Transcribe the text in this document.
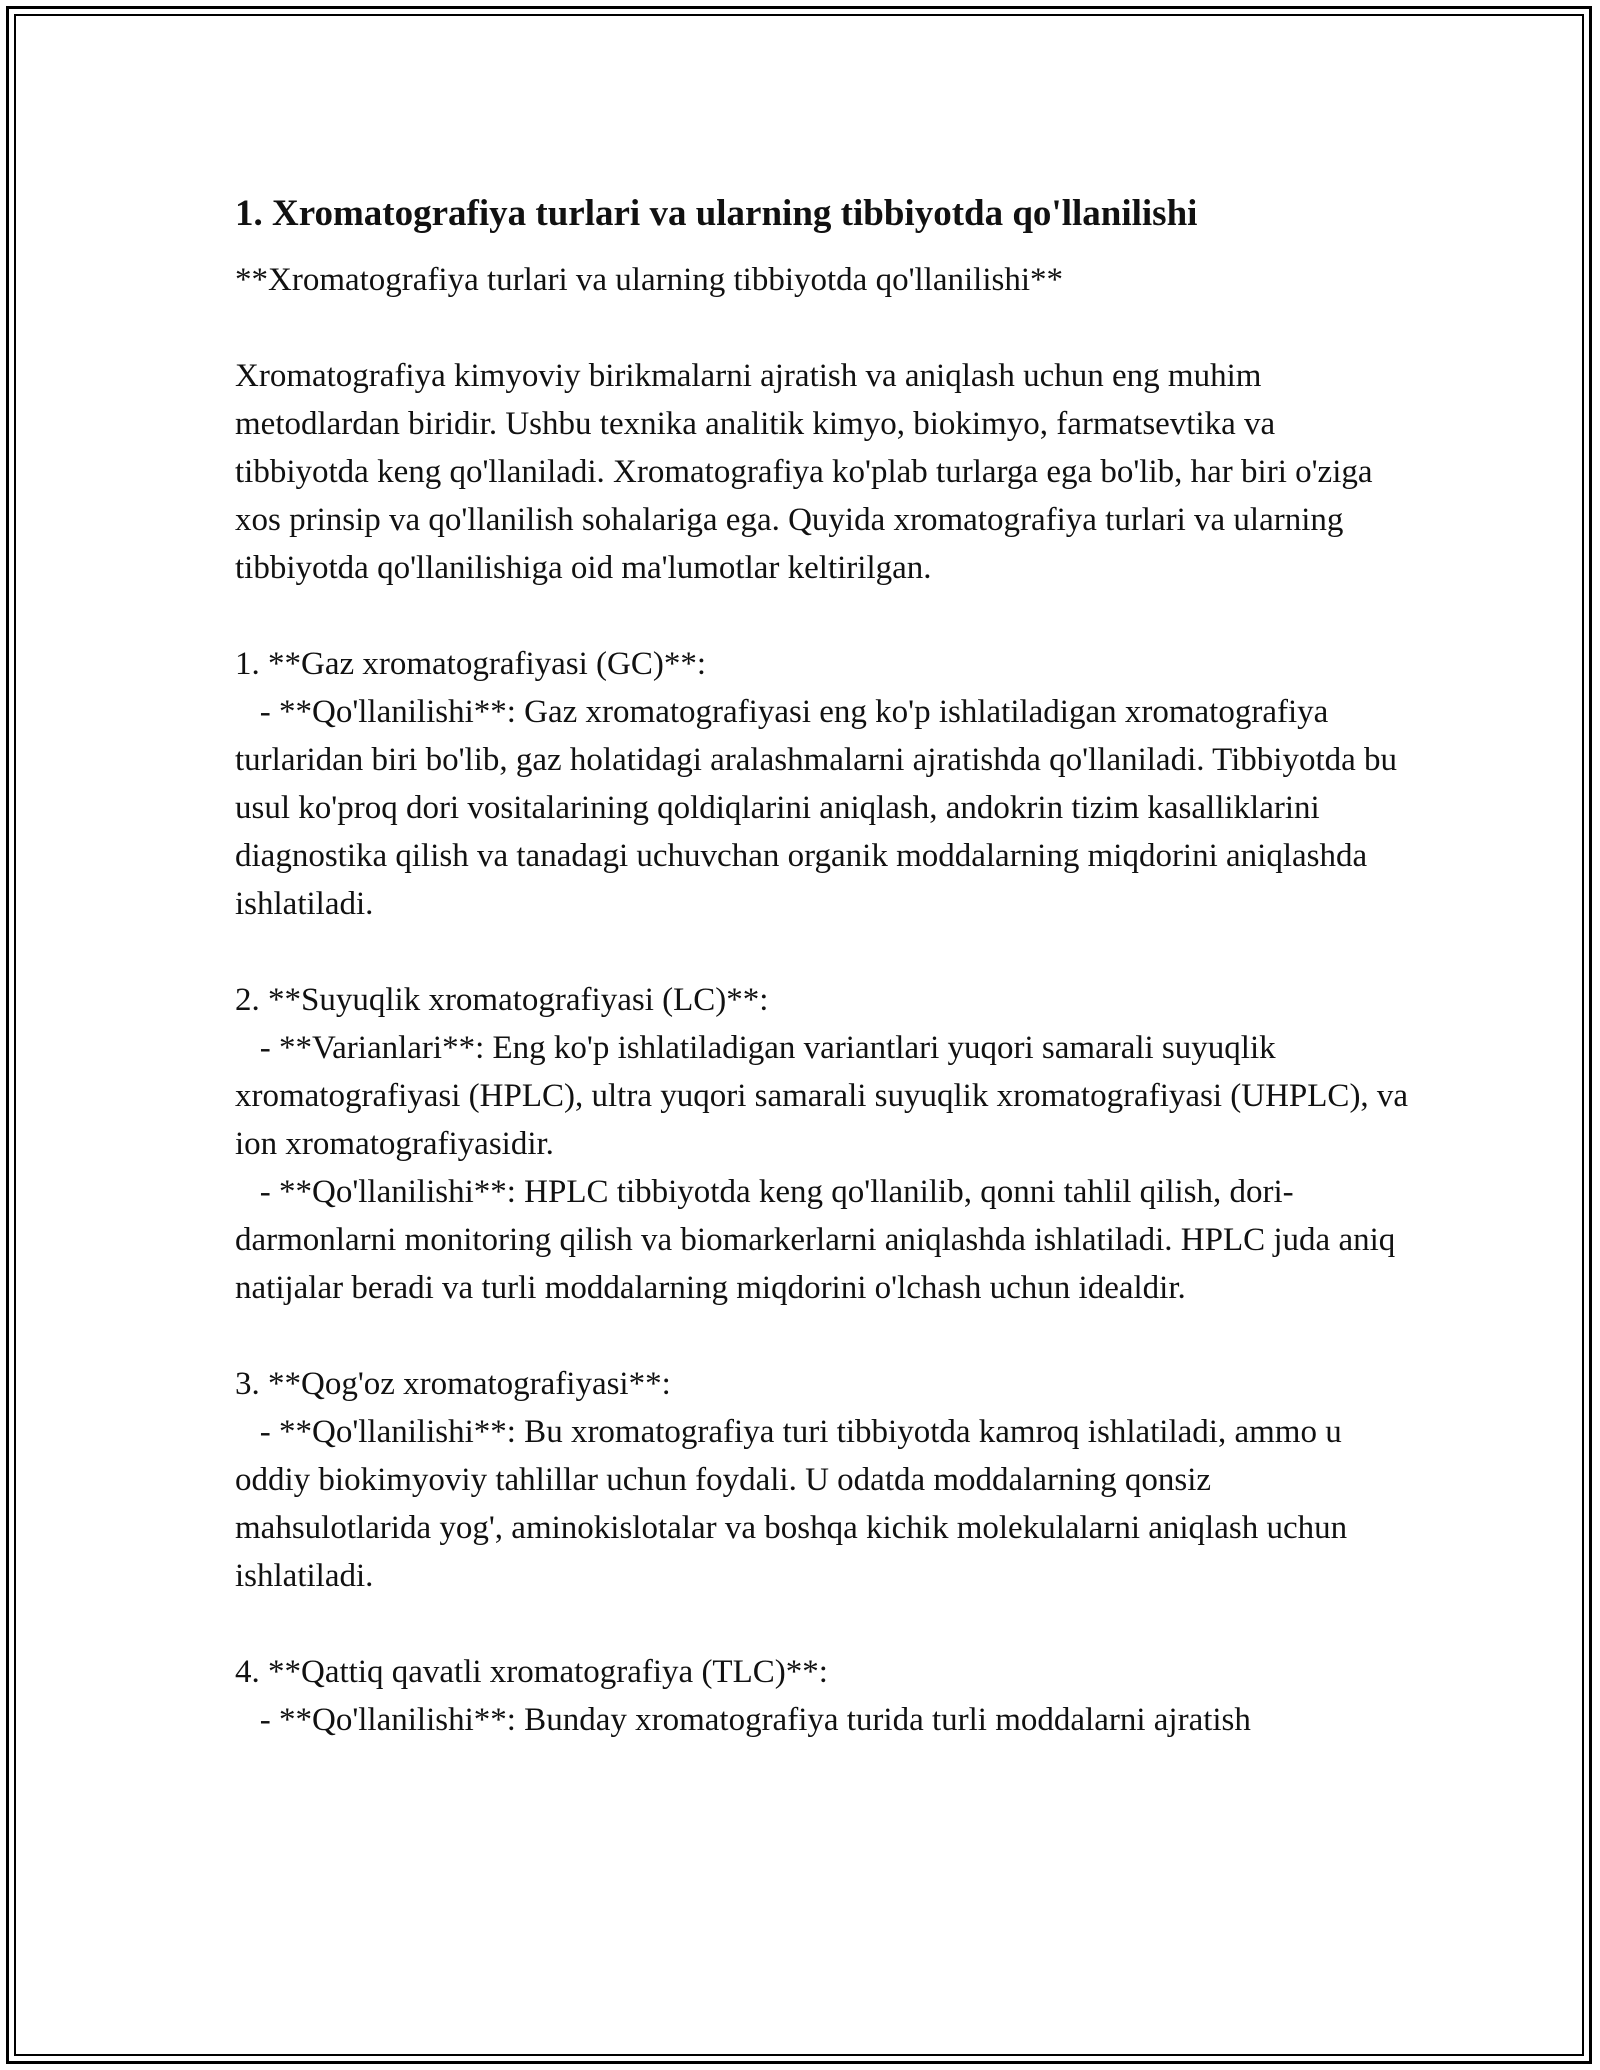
1. Xromatografiya turlari va ularning tibbiyotda qo'llanilishi

**Xromatografiya turlari va ularning tibbiyotda qo'llanilishi**

Xromatografiya kimyoviy birikmalarni ajratish va aniqlash uchun eng muhim metodlardan biridir. Ushbu texnika analitik kimyo, biokimyo, farmatsevtika va tibbiyotda keng qo'llaniladi. Xromatografiya ko'plab turlarga ega bo'lib, har biri o'ziga xos prinsip va qo'llanilish sohalariga ega. Quyida xromatografiya turlari va ularning tibbiyotda qo'llanilishiga oid ma'lumotlar keltirilgan.

1. **Gaz xromatografiyasi (GC)**:
- **Qo'llanilishi**: Gaz xromatografiyasi eng ko'p ishlatiladigan xromatografiya turlaridan biri bo'lib, gaz holatidagi aralashmalarni ajratishda qo'llaniladi. Tibbiyotda bu usul ko'proq dori vositalarining qoldiqlarini aniqlash, andokrin tizim kasalliklarini diagnostika qilish va tanadagi uchuvchan organik moddalarning miqdorini aniqlashda ishlatiladi.
2. **Suyuqlik xromatografiyasi (LC)**:
- **Varianlari**: Eng ko'p ishlatiladigan variantlari yuqori samarali suyuqlik xromatografiyasi (HPLC), ultra yuqori samarali suyuqlik xromatografiyasi (UHPLC), va ion xromatografiyasidir.
- **Qo'llanilishi**: HPLC tibbiyotda keng qo'llanilib, qonni tahlil qilish, dori-darmonlarni monitoring qilish va biomarkerlarni aniqlashda ishlatiladi. HPLC juda aniq natijalar beradi va turli moddalarning miqdorini o'lchash uchun idealdir.
3. **Qog'oz xromatografiyasi**:
- **Qo'llanilishi**: Bu xromatografiya turi tibbiyotda kamroq ishlatiladi, ammo u oddiy biokimyoviy tahlillar uchun foydali. U odatda moddalarning qonsiz mahsulotlarida yog', aminokislotalar va boshqa kichik molekulalarni aniqlash uchun ishlatiladi.
4. **Qattiq qavatli xromatografiya (TLC)**:
- **Qo'llanilishi**: Bunday xromatografiya turida turli moddalarni ajratish
